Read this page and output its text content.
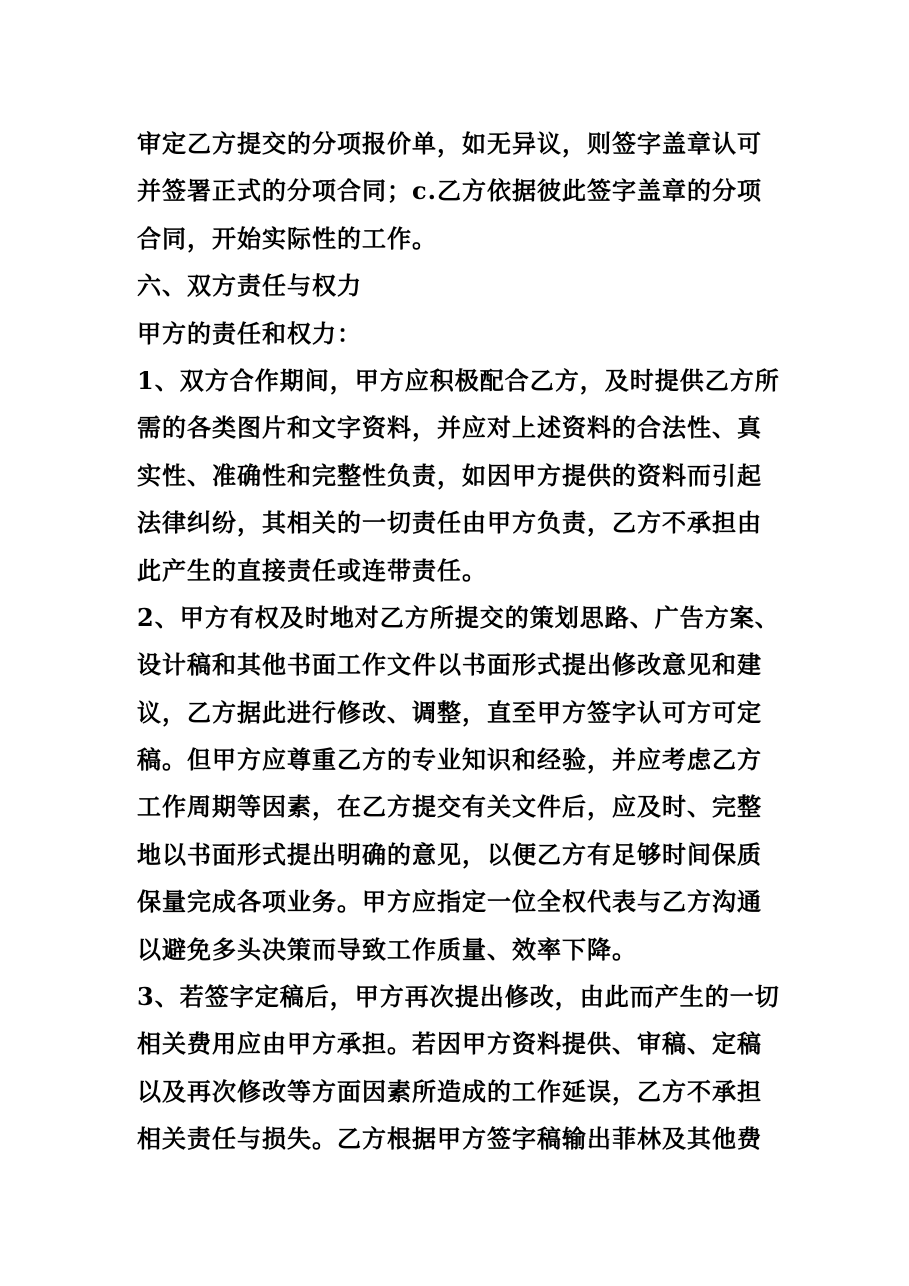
审定乙方提交的分项报价单，如无异议，则签字盖章认可
并签署正式的分项合同；c.乙方依据彼此签字盖章的分项
合同，开始实际性的工作。
六、双方责任与权力
甲方的责任和权力：
1、双方合作期间，甲方应积极配合乙方，及时提供乙方所
需的各类图片和文字资料，并应对上述资料的合法性、真
实性、准确性和完整性负责，如因甲方提供的资料而引起
法律纠纷，其相关的一切责任由甲方负责，乙方不承担由
此产生的直接责任或连带责任。
2、甲方有权及时地对乙方所提交的策划思路、广告方案、
设计稿和其他书面工作文件以书面形式提出修改意见和建
议，乙方据此进行修改、调整，直至甲方签字认可方可定
稿。但甲方应尊重乙方的专业知识和经验，并应考虑乙方
工作周期等因素，在乙方提交有关文件后，应及时、完整
地以书面形式提出明确的意见，以便乙方有足够时间保质
保量完成各项业务。甲方应指定一位全权代表与乙方沟通
以避免多头决策而导致工作质量、效率下降。
3、若签字定稿后，甲方再次提出修改，由此而产生的一切
相关费用应由甲方承担。若因甲方资料提供、审稿、定稿
以及再次修改等方面因素所造成的工作延误，乙方不承担
相关责任与损失。乙方根据甲方签字稿输出菲林及其他费
